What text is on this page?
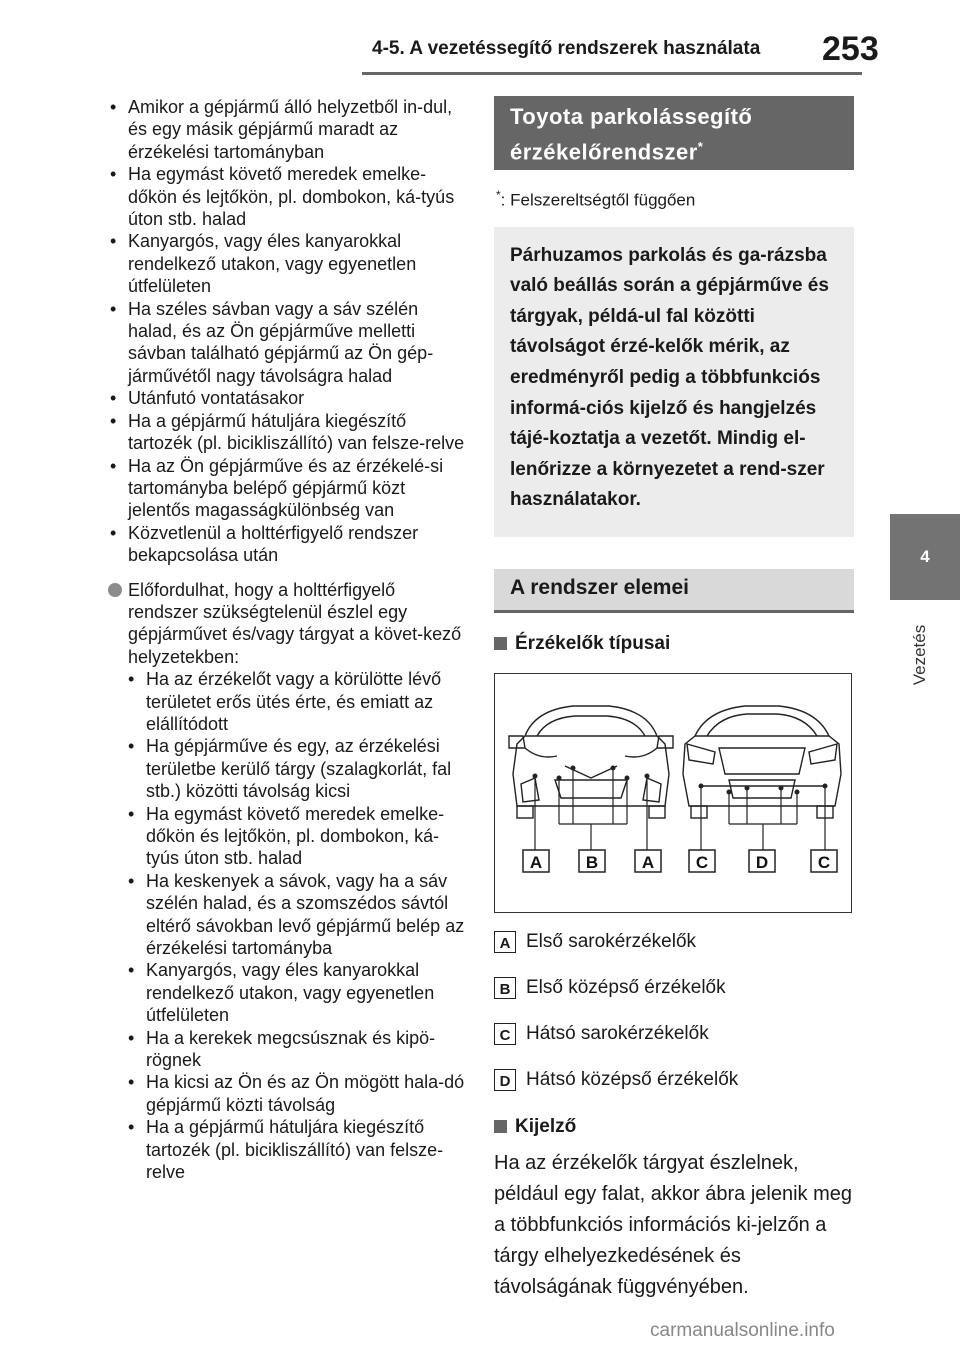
4-5. A vezetéssegítő rendszerek használata 253
4
Vezetés
• Amikor a gépjármű álló helyzetből in-dul, és egy másik gépjármű maradt az érzékelési tartományban
• Ha egymást követő meredek emelke-dőkön és lejtőkön, pl. dombokon, ká-tyús úton stb. halad
• Kanyargós, vagy éles kanyarokkal rendelkező utakon, vagy egyenetlen útfelületen
• Ha széles sávban vagy a sáv szélén halad, és az Ön gépjárműve melletti sávban található gépjármű az Ön gép-járművétől nagy távolságra halad
• Utánfutó vontatásakor
• Ha a gépjármű hátuljára kiegészítő tartozék (pl. bicikliszállító) van felsze-relve
• Ha az Ön gépjárműve és az érzékelé-si tartományba belépő gépjármű közt jelentős magasságkülönbség van
• Közvetlenül a holttérfigyelő rendszer bekapcsolása után
Előfordulhat, hogy a holttérfigyelő rendszer szükségtelenül észlel egy gépjárművet és/vagy tárgyat a követ-kező helyzetekben:
• Ha az érzékelőt vagy a körülötte lévő területet erős ütés érte, és emiatt az elállítódott
• Ha gépjárműve és egy, az érzékelési területbe kerülő tárgy (szalagkorlát, fal stb.) közötti távolság kicsi
• Ha egymást követő meredek emelke-dőkön és lejtőkön, pl. dombokon, ká-tyús úton stb. halad
• Ha keskenyek a sávok, vagy ha a sáv szélén halad, és a szomszédos sávtól eltérő sávokban levő gépjármű belép az érzékelési tartományba
• Kanyargós, vagy éles kanyarokkal rendelkező utakon, vagy egyenetlen útfelületen
• Ha a kerekek megcsúsznak és kipö-rögnek
• Ha kicsi az Ön és az Ön mögött hala-dó gépjármű közti távolság
• Ha a gépjármű hátuljára kiegészítő tartozék (pl. bicikliszállító) van felsze-relve
Toyota parkolássegítő érzékelőrendszer*
*: Felszereltségtől függően
Párhuzamos parkolás és ga-rázsba való beállás során a gépjárműve és tárgyak, példá-ul fal közötti távolságot érzé-kelők mérik, az eredményről pedig a többfunkciós informá-ciós kijelző és hangjelzés tájé-koztatja a vezetőt. Mindig el-lenőrizze a környezetet a rend-szer használatakor.
A rendszer elemei
Érzékelők típusai
A	B	A C	D	C
A Első sarokérzékelők
B Első középső érzékelők
C Hátsó sarokérzékelők
D Hátsó középső érzékelők
Kijelző
Ha az érzékelők tárgyat észlelnek, például egy falat, akkor ábra jelenik meg a többfunkciós információs ki-jelzőn a tárgy elhelyezkedésének és távolságának függvényében.
carmanualsonline.info
